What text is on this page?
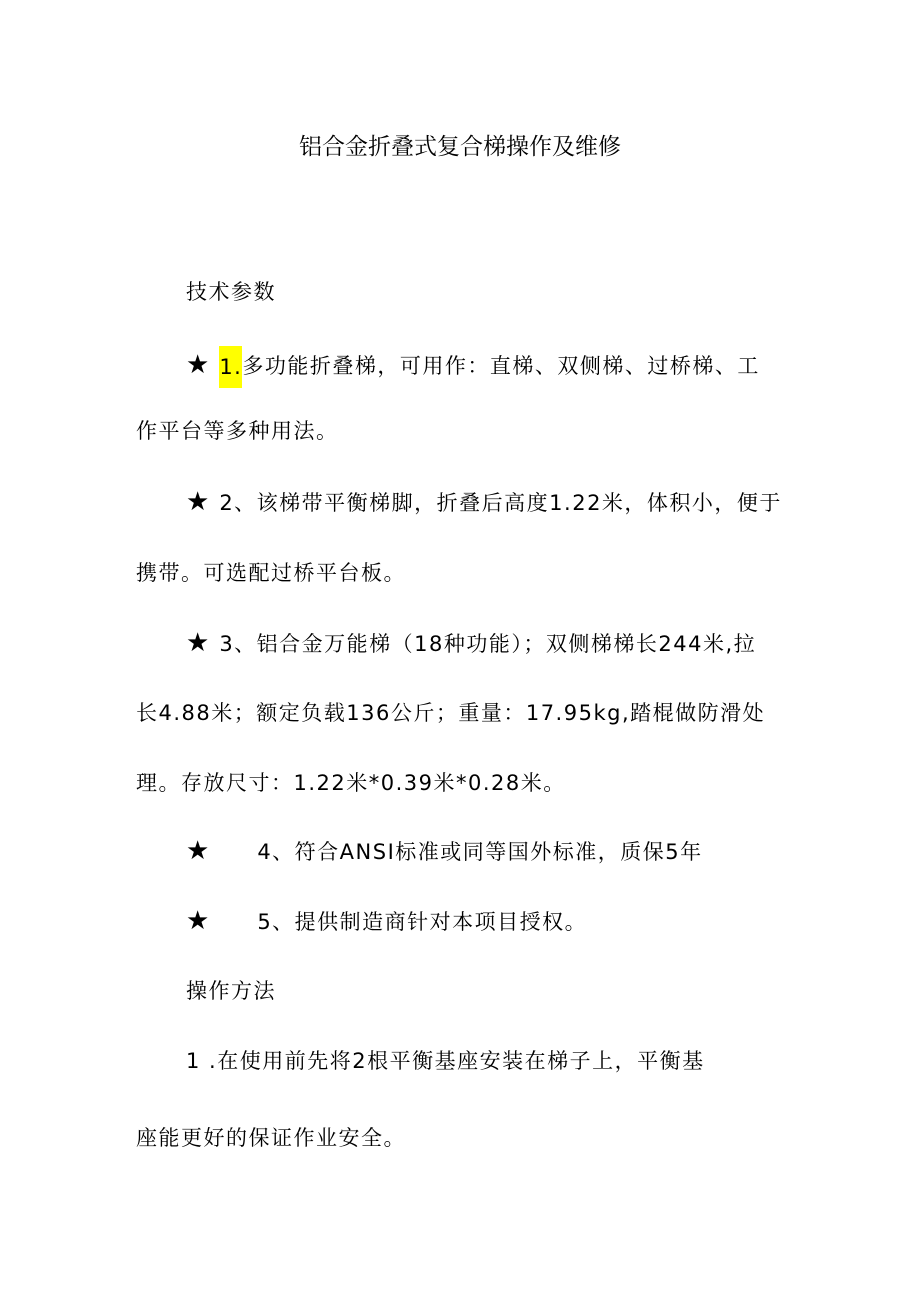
铝合金折叠式复合梯操作及维修
技术参数
★ 1.多功能折叠梯，可用作：直梯、双侧梯、过桥梯、工
作平台等多种用法。
★ 2、该梯带平衡梯脚，折叠后高度1.22米，体积小，便于
携带。可选配过桥平台板。
★ 3、铝合金万能梯（18种功能）；双侧梯梯长244米,拉
长4.88米；额定负载136公斤；重量：17.95kg,踏棍做防滑处
理。存放尺寸：1.22米*0.39米*0.28米。
★ 4、符合ANSI标准或同等国外标准，质保5年
★ 5、提供制造商针对本项目授权。
操作方法
1 .在使用前先将2根平衡基座安装在梯子上，平衡基
座能更好的保证作业安全。
